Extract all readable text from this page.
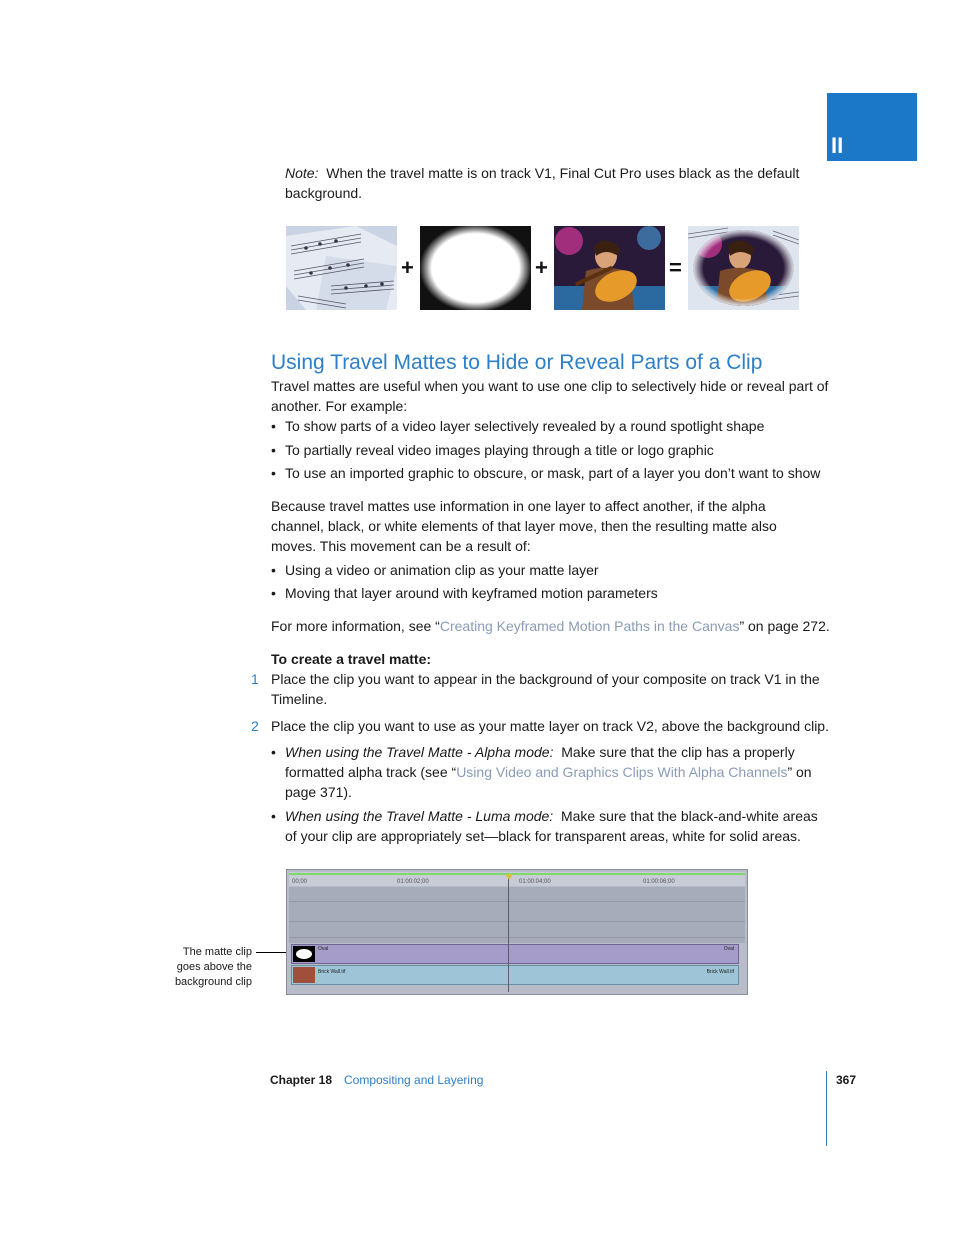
II
Note: When the travel matte is on track V1, Final Cut Pro uses black as the default background.
+	+	=
Using Travel Mattes to Hide or Reveal Parts of a Clip
Travel mattes are useful when you want to use one clip to selectively hide or reveal part of another. For example:
• To show parts of a video layer selectively revealed by a round spotlight shape
• To partially reveal video images playing through a title or logo graphic
• To use an imported graphic to obscure, or mask, part of a layer you don’t want to show
Because travel mattes use information in one layer to affect another, if the alpha channel, black, or white elements of that layer move, then the resulting matte also moves. This movement can be a result of:
• Using a video or animation clip as your matte layer
• Moving that layer around with keyframed motion parameters
For more information, see “Creating Keyframed Motion Paths in the Canvas” on page 272.
To create a travel matte:
1 Place the clip you want to appear in the background of your composite on track V1 in the Timeline.
2 Place the clip you want to use as your matte layer on track V2, above the background clip.
• When using the Travel Matte - Alpha mode: Make sure that the clip has a properly formatted alpha track (see “Using Video and Graphics Clips With Alpha Channels” on page 371).
• When using the Travel Matte - Luma mode: Make sure that the black-and-white areas of your clip are appropriately set—black for transparent areas, white for solid areas.
The matte clip goes above the background clip
00;00	01:00:02;00	01:00:04;00	01:00:06;00
Oval	Oval
Brick Wall.tif	Brick Wall.tif
Chapter 18 Compositing and Layering	367
